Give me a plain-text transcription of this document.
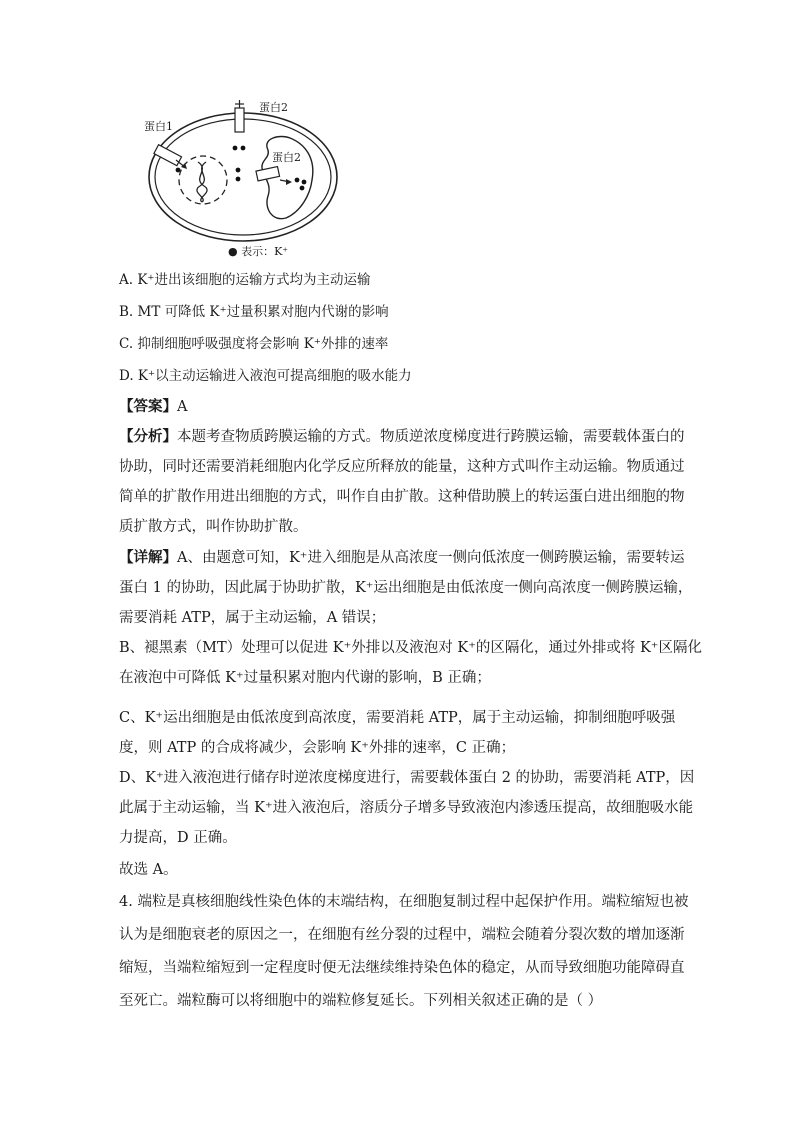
蛋白1
蛋白2
蛋白2
● 表示：K⁺
A. K⁺进出该细胞的运输方式均为主动运输
B. MT 可降低 K⁺过量积累对胞内代谢的影响
C. 抑制细胞呼吸强度将会影响 K⁺外排的速率
D. K⁺以主动运输进入液泡可提高细胞的吸水能力
【答案】A
【分析】本题考查物质跨膜运输的方式。物质逆浓度梯度进行跨膜运输，需要载体蛋白的
协助，同时还需要消耗细胞内化学反应所释放的能量，这种方式叫作主动运输。物质通过
简单的扩散作用进出细胞的方式，叫作自由扩散。这种借助膜上的转运蛋白进出细胞的物
质扩散方式，叫作协助扩散。
【详解】A、由题意可知，K⁺进入细胞是从高浓度一侧向低浓度一侧跨膜运输，需要转运
蛋白 1 的协助，因此属于协助扩散，K⁺运出细胞是由低浓度一侧向高浓度一侧跨膜运输，
需要消耗 ATP，属于主动运输，A 错误；
B、褪黑素（MT）处理可以促进 K⁺外排以及液泡对 K⁺的区隔化，通过外排或将 K⁺区隔化
在液泡中可降低 K⁺过量积累对胞内代谢的影响，B 正确；
C、K⁺运出细胞是由低浓度到高浓度，需要消耗 ATP，属于主动运输，抑制细胞呼吸强
度，则 ATP 的合成将减少，会影响 K⁺外排的速率，C 正确；
D、K⁺进入液泡进行储存时逆浓度梯度进行，需要载体蛋白 2 的协助，需要消耗 ATP，因
此属于主动运输，当 K⁺进入液泡后，溶质分子增多导致液泡内渗透压提高，故细胞吸水能
力提高，D 正确。
故选 A。
4. 端粒是真核细胞线性染色体的末端结构，在细胞复制过程中起保护作用。端粒缩短也被
认为是细胞衰老的原因之一，在细胞有丝分裂的过程中，端粒会随着分裂次数的增加逐渐
缩短，当端粒缩短到一定程度时便无法继续维持染色体的稳定，从而导致细胞功能障碍直
至死亡。端粒酶可以将细胞中的端粒修复延长。下列相关叙述正确的是（ ）
